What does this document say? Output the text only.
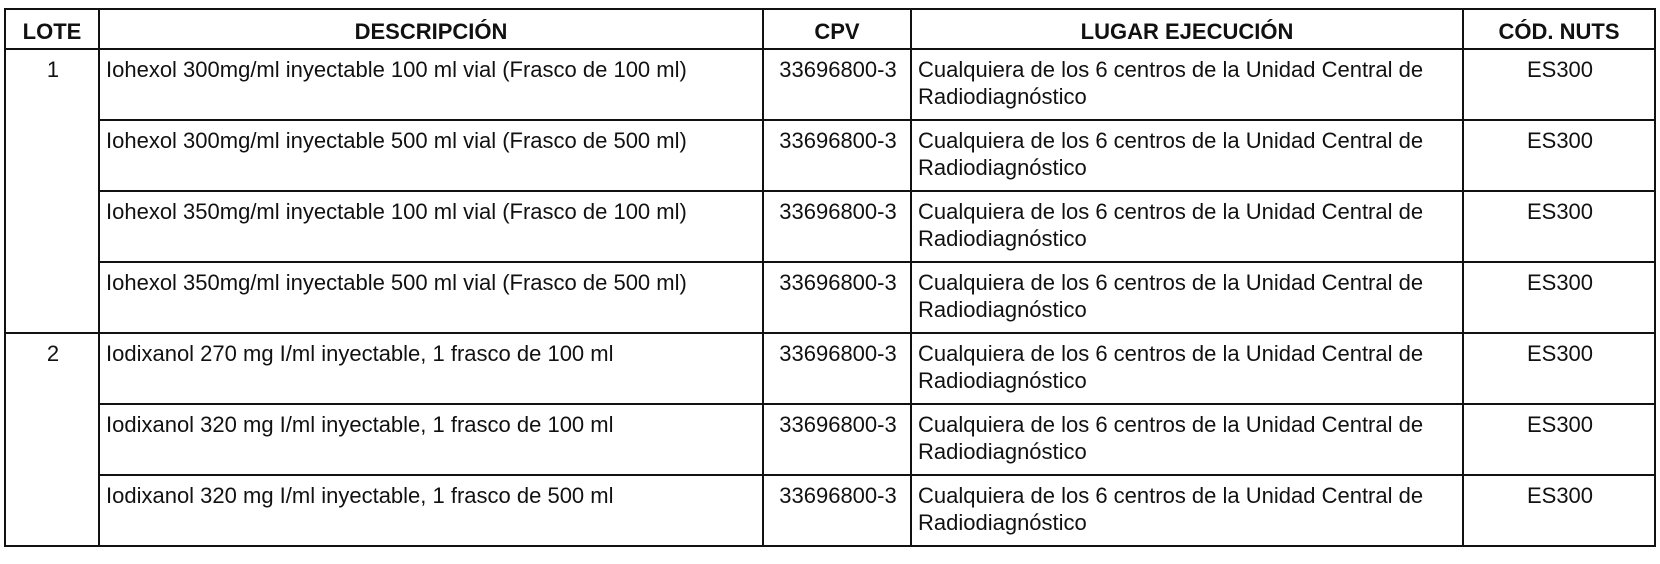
LOTE	DESCRIPCIÓN	CPV	LUGAR EJECUCIÓN	CÓD. NUTS
1	Iohexol 300mg/ml inyectable 100 ml vial (Frasco de 100 ml)	33696800-3	Cualquiera de los 6 centros de la Unidad Central de Radiodiagnóstico	ES300
	Iohexol 300mg/ml inyectable 500 ml vial (Frasco de 500 ml)	33696800-3	Cualquiera de los 6 centros de la Unidad Central de Radiodiagnóstico	ES300
	Iohexol 350mg/ml inyectable 100 ml vial (Frasco de 100 ml)	33696800-3	Cualquiera de los 6 centros de la Unidad Central de Radiodiagnóstico	ES300
	Iohexol 350mg/ml inyectable 500 ml vial (Frasco de 500 ml)	33696800-3	Cualquiera de los 6 centros de la Unidad Central de Radiodiagnóstico	ES300
2	Iodixanol 270 mg I/ml inyectable, 1 frasco de 100 ml	33696800-3	Cualquiera de los 6 centros de la Unidad Central de Radiodiagnóstico	ES300
	Iodixanol 320 mg I/ml inyectable, 1 frasco de 100 ml	33696800-3	Cualquiera de los 6 centros de la Unidad Central de Radiodiagnóstico	ES300
	Iodixanol 320 mg I/ml inyectable, 1 frasco de 500 ml	33696800-3	Cualquiera de los 6 centros de la Unidad Central de Radiodiagnóstico	ES300
